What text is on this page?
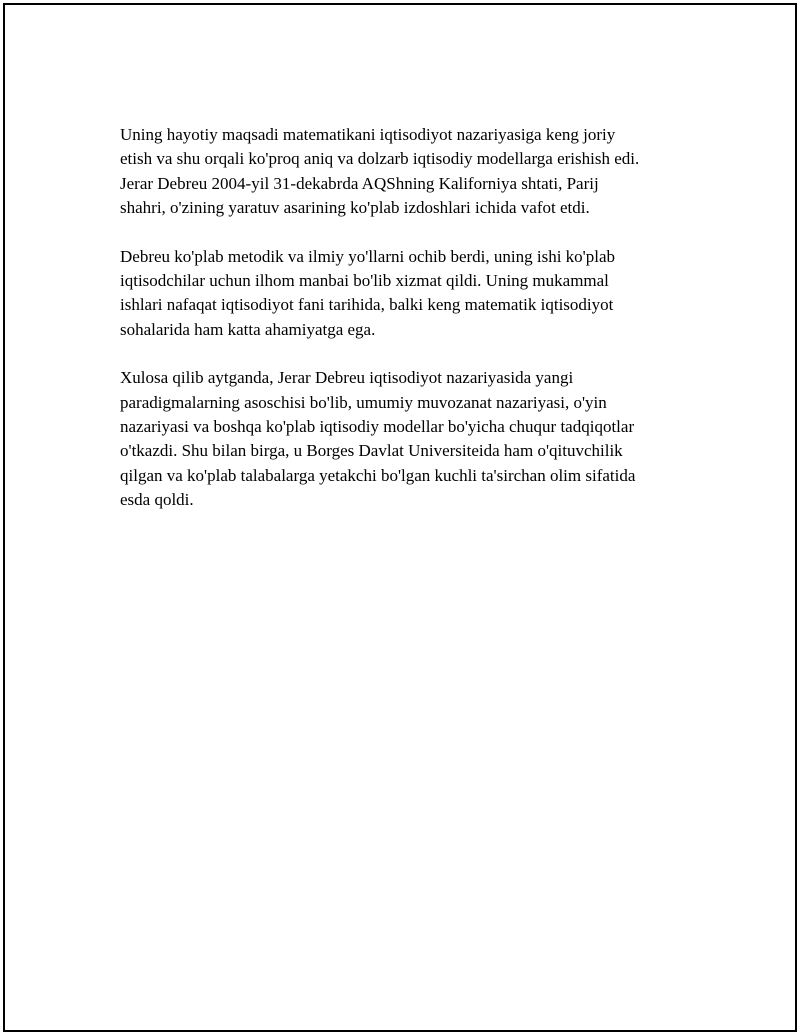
Uning hayotiy maqsadi matematikani iqtisodiyot nazariyasiga keng joriy
etish va shu orqali ko'proq aniq va dolzarb iqtisodiy modellarga erishish edi.
Jerar Debreu 2004-yil 31-dekabrda AQShning Kaliforniya shtati, Parij
shahri, o'zining yaratuv asarining ko'plab izdoshlari ichida vafot etdi.

Debreu ko'plab metodik va ilmiy yo'llarni ochib berdi, uning ishi ko'plab
iqtisodchilar uchun ilhom manbai bo'lib xizmat qildi. Uning mukammal
ishlari nafaqat iqtisodiyot fani tarihida, balki keng matematik iqtisodiyot
sohalarida ham katta ahamiyatga ega.

Xulosa qilib aytganda, Jerar Debreu iqtisodiyot nazariyasida yangi
paradigmalarning asoschisi bo'lib, umumiy muvozanat nazariyasi, o'yin
nazariyasi va boshqa ko'plab iqtisodiy modellar bo'yicha chuqur tadqiqotlar
o'tkazdi. Shu bilan birga, u Borges Davlat Universiteida ham o'qituvchilik
qilgan va ko'plab talabalarga yetakchi bo'lgan kuchli ta'sirchan olim sifatida
esda qoldi.
